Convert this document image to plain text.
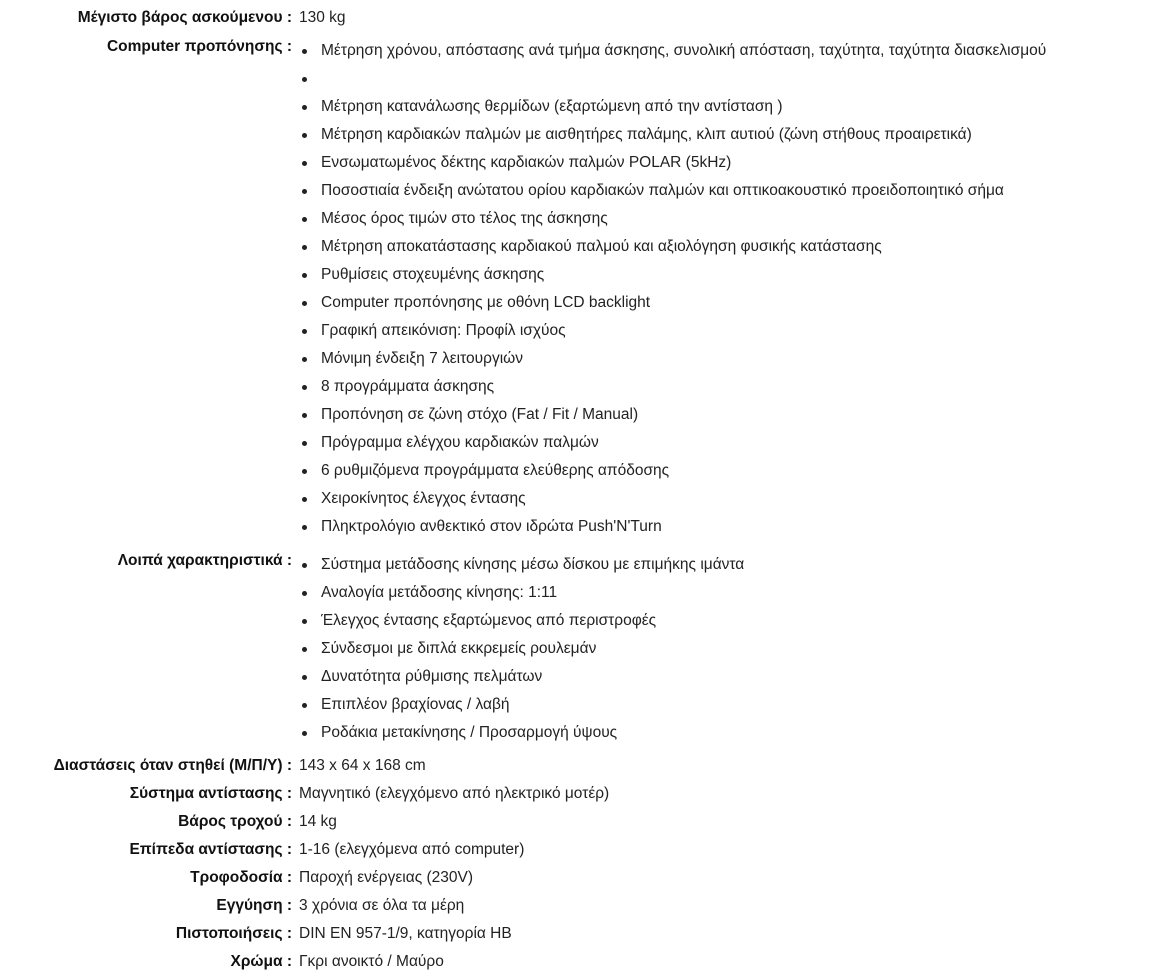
Μέγιστο βάρος ασκούμενου : 130 kg
Computer προπόνησης :	Μέτρηση χρόνου, απόστασης ανά τμήμα άσκησης, συνολική απόσταση, ταχύτητα, ταχύτητα διασκελισμού
Μέτρηση κατανάλωσης θερμίδων (εξαρτώμενη από την αντίσταση )
Μέτρηση καρδιακών παλμών με αισθητήρες παλάμης, κλιπ αυτιού (ζώνη στήθους προαιρετικά)
Ενσωματωμένος δέκτης καρδιακών παλμών POLAR (5kHz)
Ποσοστιαία ένδειξη ανώτατου ορίου καρδιακών παλμών και οπτικοακουστικό προειδοποιητικό σήμα
Μέσος όρος τιμών στο τέλος της άσκησης
Μέτρηση αποκατάστασης καρδιακού παλμού και αξιολόγηση φυσικής κατάστασης
Ρυθμίσεις στοχευμένης άσκησης
Computer προπόνησης με οθόνη LCD backlight
Γραφική απεικόνιση: Προφίλ ισχύος
Μόνιμη ένδειξη 7 λειτουργιών
8 προγράμματα άσκησης
Προπόνηση σε ζώνη στόχο (Fat / Fit / Manual)
Πρόγραμμα ελέγχου καρδιακών παλμών
6 ρυθμιζόμενα προγράμματα ελεύθερης απόδοσης
Χειροκίνητος έλεγχος έντασης
Πληκτρολόγιο ανθεκτικό στον ιδρώτα Push'N'Turn
Λοιπά χαρακτηριστικά :	Σύστημα μετάδοσης κίνησης μέσω δίσκου με επιμήκης ιμάντα
Αναλογία μετάδοσης κίνησης: 1:11
Έλεγχος έντασης εξαρτώμενος από περιστροφές
Σύνδεσμοι με διπλά εκκρεμείς ρουλεμάν
Δυνατότητα ρύθμισης πελμάτων
Επιπλέον βραχίονας / λαβή
Ροδάκια μετακίνησης / Προσαρμογή ύψους
Διαστάσεις όταν στηθεί (Μ/Π/Υ) : 143 x 64 x 168 cm
Σύστημα αντίστασης : Μαγνητικό (ελεγχόμενο από ηλεκτρικό μοτέρ)
Βάρος τροχού : 14 kg
Επίπεδα αντίστασης : 1-16 (ελεγχόμενα από computer)
Τροφοδοσία : Παροχή ενέργειας (230V)
Εγγύηση : 3 χρόνια σε όλα τα μέρη
Πιστοποιήσεις : DIN EN 957-1/9, κατηγορία HB
Χρώμα : Γκρι ανοικτό / Μαύρο
